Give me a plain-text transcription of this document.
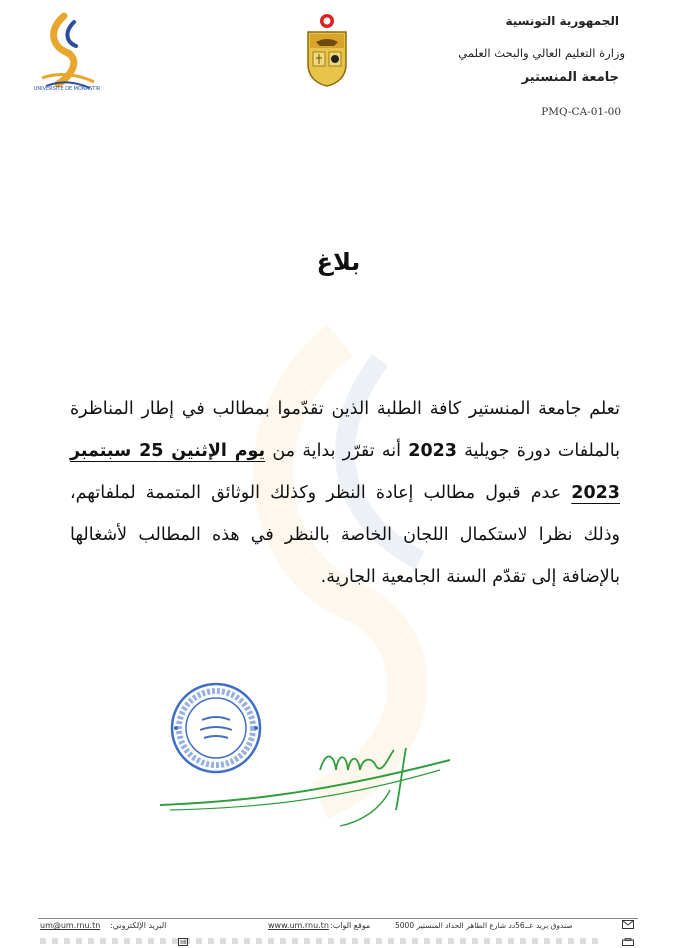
UNIVERSITE DE MONASTIR
الجمهورية التونسية
وزارة التعليم العالي والبحث العلمي
جامعة المنستير
PMQ-CA-01-00
بلاغ
تعلم جامعة المنستير كافة الطلبة الذين تقدّموا بمطالب في إطار المناظرة
بالملفات دورة جويلية 2023 أنه تقرّر بداية من يوم الإثنين 25 سبتمبر
2023 عدم قبول مطالب إعادة النظر وكذلك الوثائق المتممة لملفاتهم،
وذلك نظرا لاستكمال اللجان الخاصة بالنظر في هذه المطالب لأشغالها
بالإضافة إلى تقدّم السنة الجامعية الجارية.
um@um.rnu.tn البريد الإلكتروني:	www.um.rnu.tn موقع الواب:	صندوق بريد عــ56دد شارع الطاهر الحداد المنستير 5000
